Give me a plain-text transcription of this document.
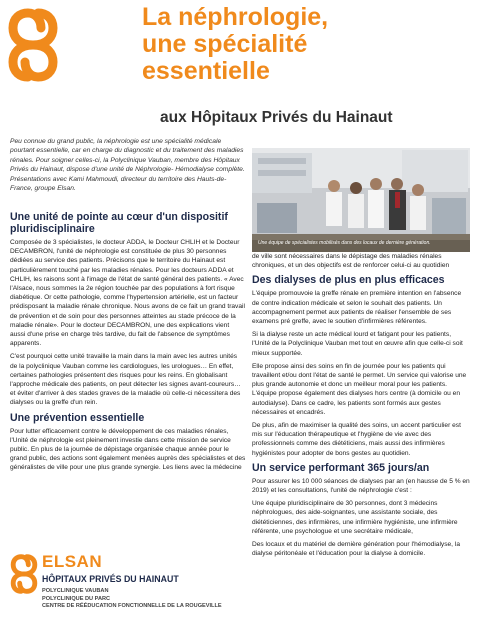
La néphrologie,
une spécialité
essentielle
aux Hôpitaux Privés du Hainaut

Peu connue du grand public, la néphrologie est une spécialité médicale pourtant essentielle, car en charge du diagnostic et du traitement des maladies rénales. Pour soigner celles-ci, la Polyclinique Vauban, membre des Hôpitaux Privés du Hainaut, dispose d'une unité de Néphrologie- Hémodialyse complète. Présentations avec Kami Mahmoudi, directeur du territoire des Hauts-de-France, groupe Elsan.

Une unité de pointe au cœur d'un dispositif pluridisciplinaire

Composée de 3 spécialistes, le docteur ADDA, le Docteur CHLIH et le Docteur DECAMBRON, l'unité de néphrologie est constituée de plus 30 personnes dédiées au service des patients. Précisons que le territoire du Hainaut est particulièrement touché par les maladies rénales. Pour les docteurs ADDA et CHLIH, les raisons sont à l'image de l'état de santé général des patients. « Avec l'Alsace, nous sommes la 2e région touchée par des populations à fort risque diabétique. Or cette pathologie, comme l'hypertension artérielle, est un facteur prédisposant la maladie rénale chronique. Nous avons de ce fait un grand travail de prévention et de soin pour des personnes atteintes au stade précoce de la maladie rénale». Pour le docteur DECAMBRON, une des explications vient aussi d'une prise en charge très tardive, du fait de l'absence de symptômes apparents.

C'est pourquoi cette unité travaille la main dans la main avec les autres unités de la polyclinique Vauban comme les cardiologues, les urologues… En effet, certaines pathologies présentent des risques pour les reins. En globalisant l'approche médicale des patients, on peut détecter les signes avant-coureurs… et éviter d'arriver à des stades graves de la maladie où celle-ci nécessitera des dialyses ou la greffe d'un rein.

Une prévention essentielle

Pour lutter efficacement contre le développement de ces maladies rénales, l'Unité de néphrologie est pleinement investie dans cette mission de service public. En plus de la journée de dépistage organisée chaque année pour le grand public, des actions sont également menées auprès des spécialistes et des généralistes de ville pour une plus grande synergie. Les liens avec la médecine

Une équipe de spécialistes mobilisés dans des locaux de dernière génération.

de ville sont nécessaires dans le dépistage des maladies rénales chroniques, et un des objectifs est de renforcer celui-ci au quotidien

Des dialyses de plus en plus efficaces

L'équipe promouvoie la greffe rénale en première intention en l'absence de contre indication médicale et selon le souhait des patients. Un accompagnement permet aux patients de réaliser l'ensemble de ses examens pré greffe, avec le soutien d'infirmières référentes.

Si la dialyse reste un acte médical lourd et fatigant pour les patients, l'Unité de la Polyclinique Vauban met tout en œuvre afin que celle-ci soit mieux supportée.

Elle propose ainsi des soins en fin de journée pour les patients qui travaillent et/ou dont l'état de santé le permet. Un service qui valorise une plus grande autonomie et donc un meilleur moral pour les patients. L'équipe propose également des dialyses hors centre (à domicile ou en autodialyse). Dans ce cadre, les patients sont formés aux gestes nécessaires et encadrés.

De plus, afin de maximiser la qualité des soins, un accent particulier est mis sur l'éducation thérapeutique et l'hygiène de vie avec des professionnels comme des diététiciens, mais aussi des infirmières hygiénistes pour adopter de bons gestes au quotidien.

Un service performant 365 jours/an

Pour assurer les 10 000 séances de dialyses par an (en hausse de 5 % en 2019) et les consultations, l'unité de néphrologie c'est :

Une équipe pluridisciplinaire de 30 personnes, dont 3 médecins néphrologues, des aide-soignantes, une assistante sociale, des diététiciennes, des infirmières, une infirmière hygiéniste, une infirmière référente, une psychologue et une secrétaire médicale,

Des locaux et du matériel de dernière génération pour l'hémodialyse, la dialyse péritonéale et l'éducation pour la dialyse à domicile.

ELSAN
HÔPITAUX PRIVÉS DU HAINAUT
POLYCLINIQUE VAUBAN
POLYCLINIQUE DU PARC
CENTRE DE RÉÉDUCATION FONCTIONNELLE DE LA ROUGEVILLE
